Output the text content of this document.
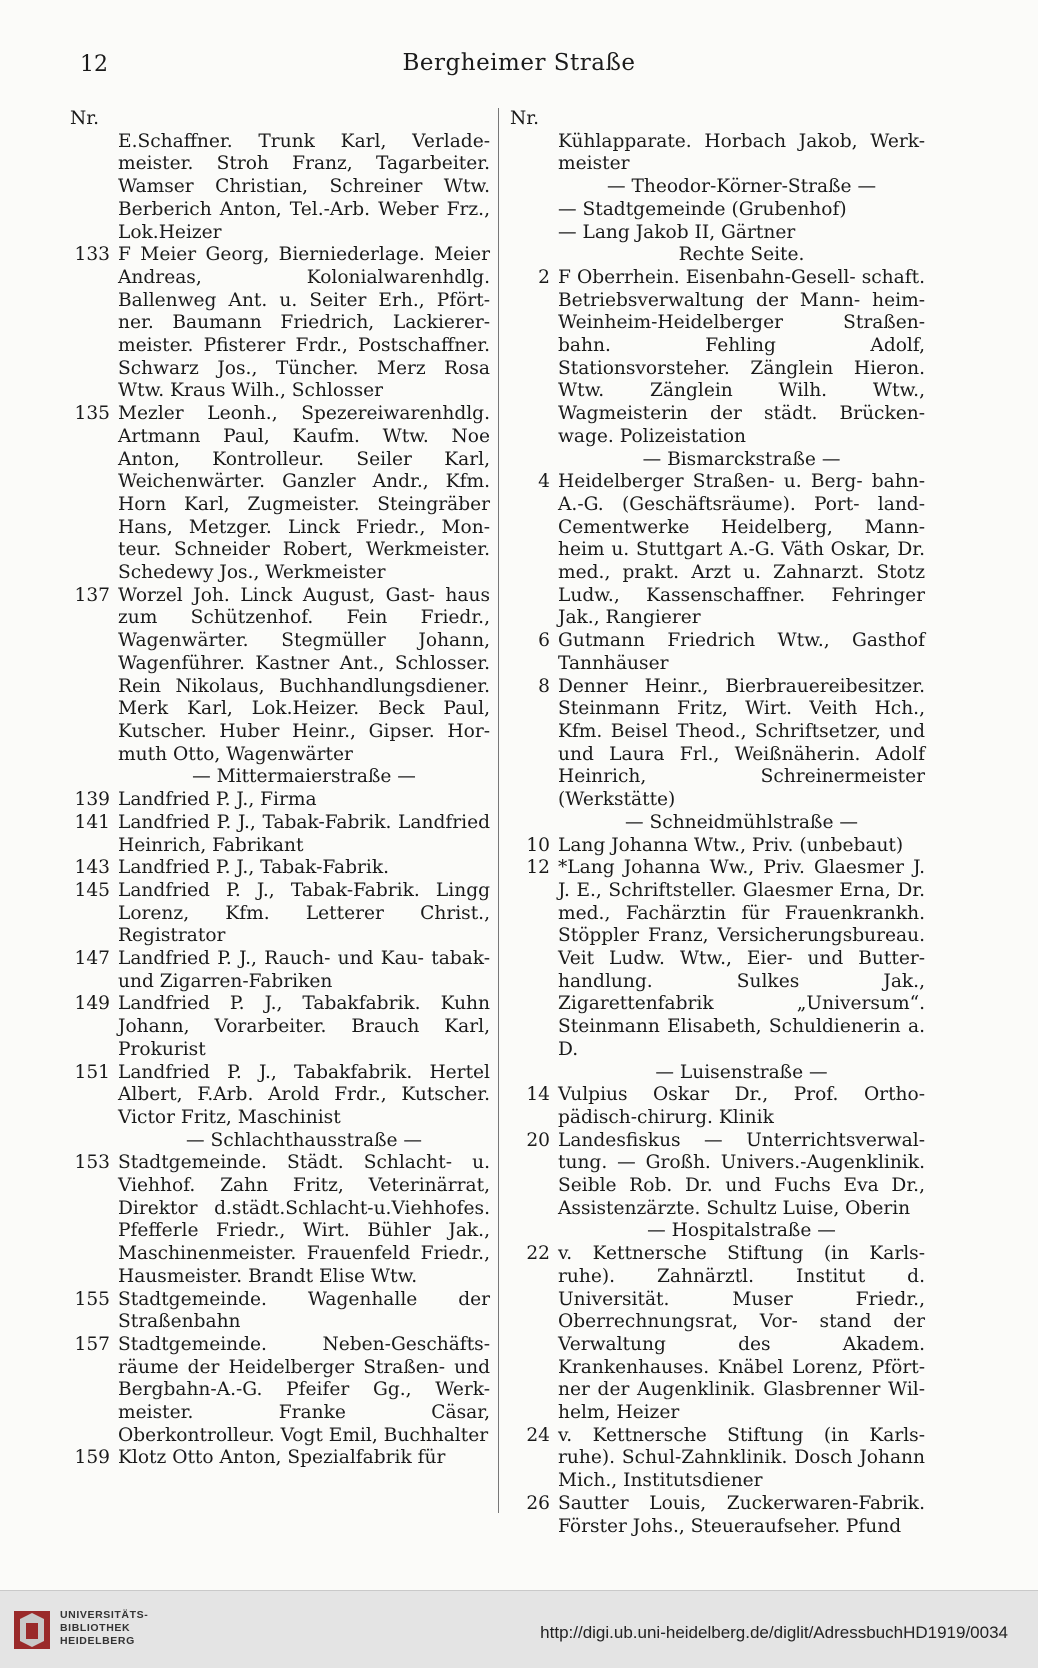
12	Bergheimer Straße
Nr.
E.Schaffner. Trunk Karl, Verlade- meister. Stroh Franz, Tagarbeiter. Wamser Christian, Schreiner Wtw. Berberich Anton, Tel.-Arb. Weber Frz., Lok.Heizer
133 F Meier Georg, Bierniederlage. Meier Andreas, Kolonialwarenhdlg. Ballenweg Ant. u. Seiter Erh., Pfört- ner. Baumann Friedrich, Lackierer- meister. Pfisterer Frdr., Postschaffner. Schwarz Jos., Tüncher. Merz Rosa Wtw. Kraus Wilh., Schlosser
135 Mezler Leonh., Spezereiwarenhdlg. Artmann Paul, Kaufm. Wtw. Noe Anton, Kontrolleur. Seiler Karl, Weichenwärter. Ganzler Andr., Kfm. Horn Karl, Zugmeister. Steingräber Hans, Metzger. Linck Friedr., Mon- teur. Schneider Robert, Werkmeister. Schedewy Jos., Werkmeister
137 Worzel Joh. Linck August, Gast- haus zum Schützenhof. Fein Friedr., Wagenwärter. Stegmüller Johann, Wagenführer. Kastner Ant., Schlosser. Rein Nikolaus, Buchhandlungsdiener. Merk Karl, Lok.Heizer. Beck Paul, Kutscher. Huber Heinr., Gipser. Hor- muth Otto, Wagenwärter
— Mittermaierstraße —
139 Landfried P. J., Firma
141 Landfried P. J., Tabak-Fabrik. Landfried Heinrich, Fabrikant
143 Landfried P. J., Tabak-Fabrik.
145 Landfried P. J., Tabak-Fabrik. Lingg Lorenz, Kfm. Letterer Christ., Registrator
147 Landfried P. J., Rauch- und Kau- tabak- und Zigarren-Fabriken
149 Landfried P. J., Tabakfabrik. Kuhn Johann, Vorarbeiter. Brauch Karl, Prokurist
151 Landfried P. J., Tabakfabrik. Hertel Albert, F.Arb. Arold Frdr., Kutscher. Victor Fritz, Maschinist
— Schlachthausstraße —
153 Stadtgemeinde. Städt. Schlacht- u. Viehhof. Zahn Fritz, Veterinärrat, Direktor d.städt.Schlacht-u.Viehhofes. Pfefferle Friedr., Wirt. Bühler Jak., Maschinenmeister. Frauenfeld Friedr., Hausmeister. Brandt Elise Wtw.
155 Stadtgemeinde. Wagenhalle der Straßenbahn
157 Stadtgemeinde. Neben-Geschäfts- räume der Heidelberger Straßen- und Bergbahn-A.-G. Pfeifer Gg., Werk- meister. Franke Cäsar, Oberkontrolleur. Vogt Emil, Buchhalter
159 Klotz Otto Anton, Spezialfabrik für
Nr.
Kühlapparate. Horbach Jakob, Werk- meister
— Theodor-Körner-Straße —
— Stadtgemeinde (Grubenhof)
— Lang Jakob II, Gärtner
Rechte Seite.
2 F Oberrhein. Eisenbahn-Gesell- schaft. Betriebsverwaltung der Mann- heim-Weinheim-Heidelberger Straßen- bahn. Fehling Adolf, Stationsvorsteher. Zänglein Hieron. Wtw. Zänglein Wilh. Wtw., Wagmeisterin der städt. Brücken- wage. Polizeistation
— Bismarckstraße —
4 Heidelberger Straßen- u. Berg- bahn-A.-G. (Geschäftsräume). Port- land-Cementwerke Heidelberg, Mann- heim u. Stuttgart A.-G. Väth Oskar, Dr. med., prakt. Arzt u. Zahnarzt. Stotz Ludw., Kassenschaffner. Fehringer Jak., Rangierer
6 Gutmann Friedrich Wtw., Gasthof Tannhäuser
8 Denner Heinr., Bierbrauereibesitzer. Steinmann Fritz, Wirt. Veith Hch., Kfm. Beisel Theod., Schriftsetzer, und und Laura Frl., Weißnäherin. Adolf Heinrich, Schreinermeister (Werkstätte)
— Schneidmühlstraße —
10 Lang Johanna Wtw., Priv. (unbebaut)
12 *Lang Johanna Ww., Priv. Glaesmer J. J. E., Schriftsteller. Glaesmer Erna, Dr. med., Fachärztin für Frauenkrankh. Stöppler Franz, Versicherungsbureau. Veit Ludw. Wtw., Eier- und Butter- handlung. Sulkes Jak., Zigarettenfabrik „Universum“. Steinmann Elisabeth, Schuldienerin a. D.
— Luisenstraße —
14 Vulpius Oskar Dr., Prof. Ortho- pädisch-chirurg. Klinik
20 Landesfiskus — Unterrichtsverwal- tung. — Großh. Univers.-Augenklinik. Seible Rob. Dr. und Fuchs Eva Dr., Assistenzärzte. Schultz Luise, Oberin
— Hospitalstraße —
22 v. Kettnersche Stiftung (in Karls- ruhe). Zahnärztl. Institut d. Universität. Muser Friedr., Oberrechnungsrat, Vor- stand der Verwaltung des Akadem. Krankenhauses. Knäbel Lorenz, Pfört- ner der Augenklinik. Glasbrenner Wil- helm, Heizer
24 v. Kettnersche Stiftung (in Karls- ruhe). Schul-Zahnklinik. Dosch Johann Mich., Institutsdiener
26 Sautter Louis, Zuckerwaren-Fabrik. Förster Johs., Steueraufseher. Pfund
UNIVERSITÄTS-
BIBLIOTHEK
HEIDELBERG	http://digi.ub.uni-heidelberg.de/diglit/AdressbuchHD1919/0034
